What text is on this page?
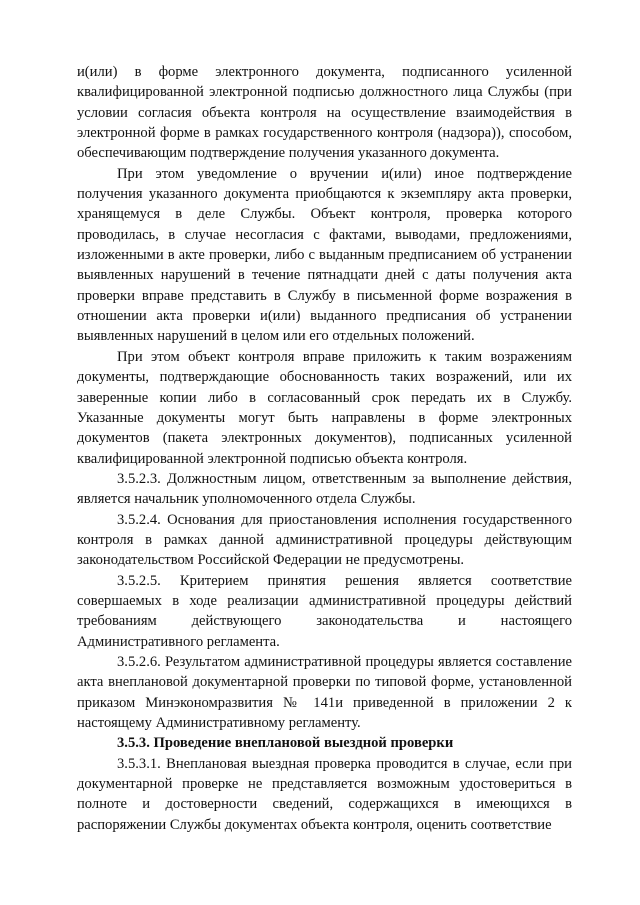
и(или) в форме электронного документа, подписанного усиленной квалифицированной электронной подписью должностного лица Службы (при условии согласия объекта контроля на осуществление взаимодействия в электронной форме в рамках государственного контроля (надзора)), способом, обеспечивающим подтверждение получения указанного документа.

При этом уведомление о вручении и(или) иное подтверждение получения указанного документа приобщаются к экземпляру акта проверки, хранящемуся в деле Службы. Объект контроля, проверка которого проводилась, в случае несогласия с фактами, выводами, предложениями, изложенными в акте проверки, либо с выданным предписанием об устранении выявленных нарушений в течение пятнадцати дней с даты получения акта проверки вправе представить в Службу в письменной форме возражения в отношении акта проверки и(или) выданного предписания об устранении выявленных нарушений в целом или его отдельных положений.

При этом объект контроля вправе приложить к таким возражениям документы, подтверждающие обоснованность таких возражений, или их заверенные копии либо в согласованный срок передать их в Службу. Указанные документы могут быть направлены в форме электронных документов (пакета электронных документов), подписанных усиленной квалифицированной электронной подписью объекта контроля.

3.5.2.3. Должностным лицом, ответственным за выполнение действия, является начальник уполномоченного отдела Службы.

3.5.2.4. Основания для приостановления исполнения государственного контроля в рамках данной административной процедуры действующим законодательством Российской Федерации не предусмотрены.

3.5.2.5. Критерием принятия решения является соответствие совершаемых в ходе реализации административной процедуры действий требованиям действующего законодательства и настоящего Административного регламента.

3.5.2.6. Результатом административной процедуры является составление акта внеплановой документарной проверки по типовой форме, установленной приказом Минэкономразвития № 141и приведенной в приложении 2 к настоящему Административному регламенту.

3.5.3. Проведение внеплановой выездной проверки

3.5.3.1. Внеплановая выездная проверка проводится в случае, если при документарной проверке не представляется возможным удостовериться в полноте и достоверности сведений, содержащихся в имеющихся в распоряжении Службы документах объекта контроля, оценить соответствие
